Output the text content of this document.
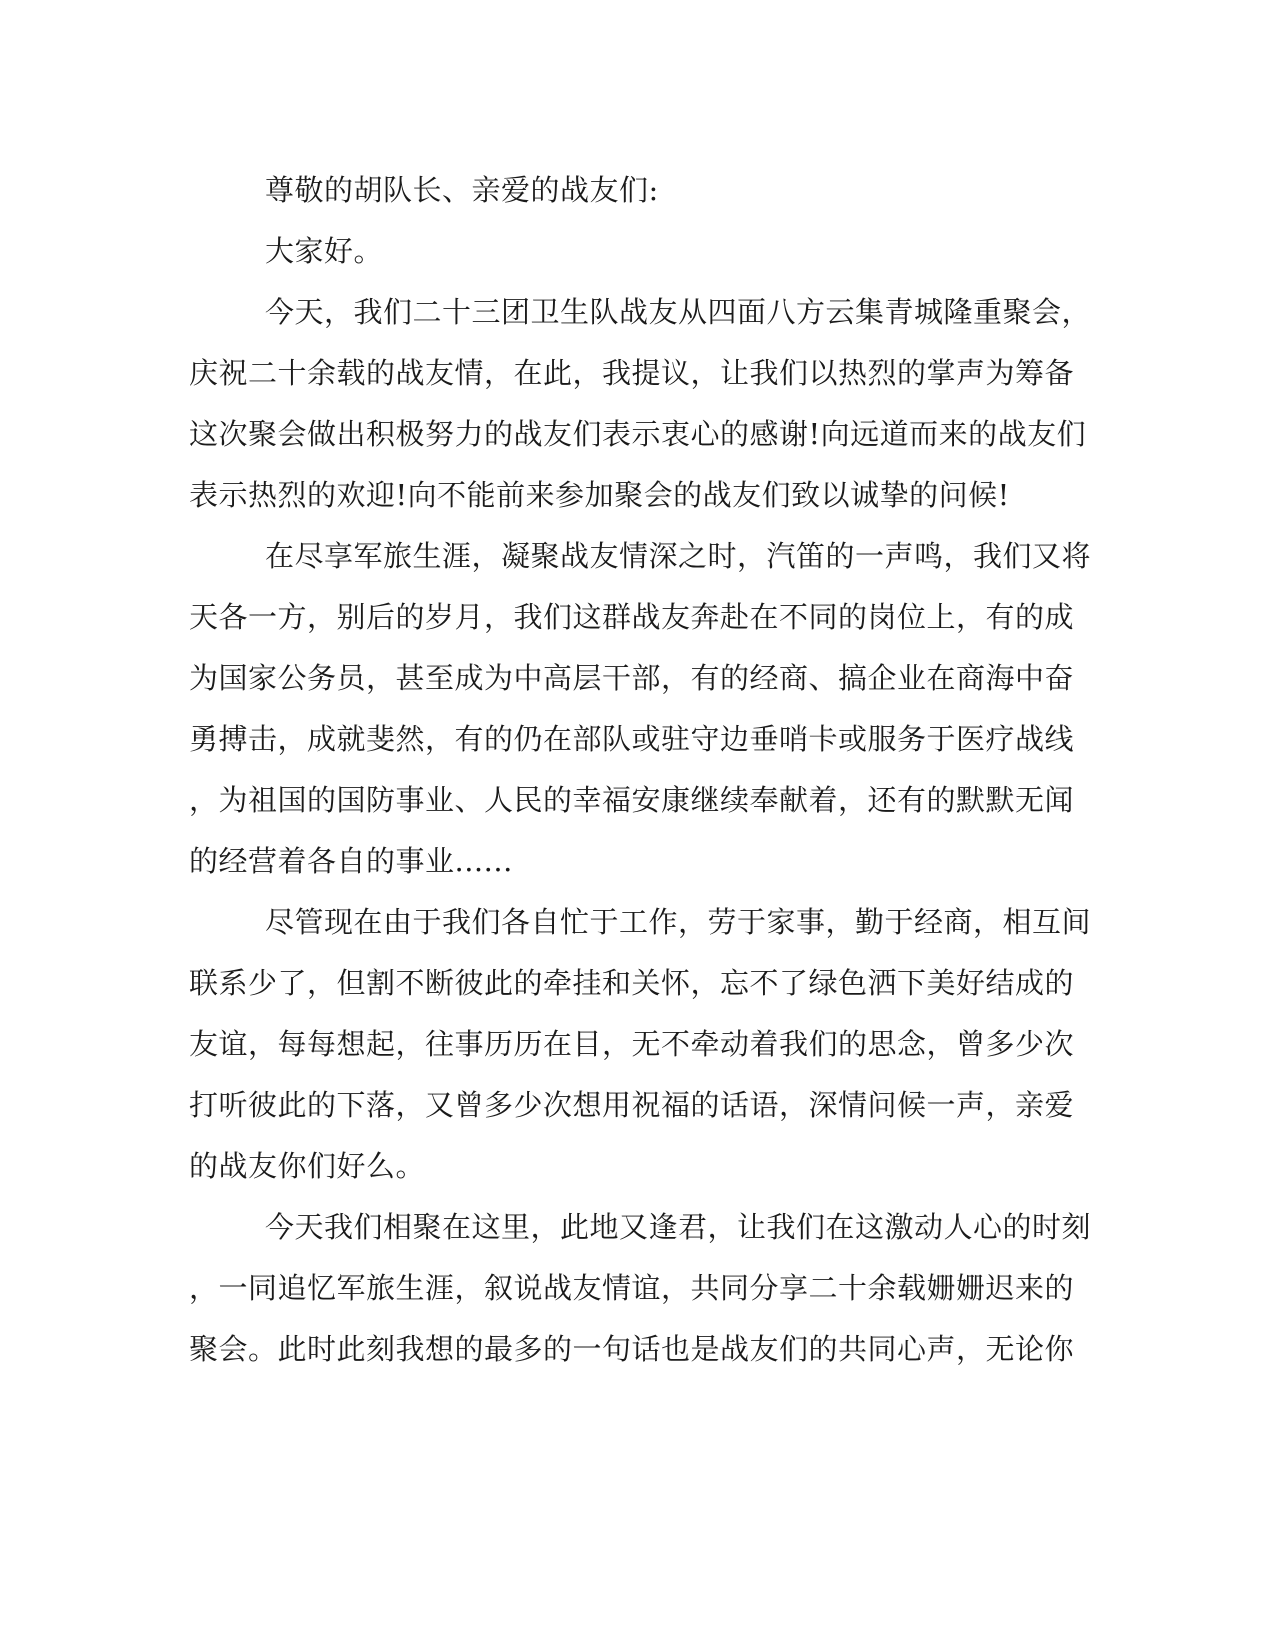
尊敬的胡队长、亲爱的战友们:
大家好。
今天，我们二十三团卫生队战友从四面八方云集青城隆重聚会，
庆祝二十余载的战友情，在此，我提议，让我们以热烈的掌声为筹备
这次聚会做出积极努力的战友们表示衷心的感谢!向远道而来的战友们
表示热烈的欢迎!向不能前来参加聚会的战友们致以诚挚的问候!
在尽享军旅生涯，凝聚战友情深之时，汽笛的一声鸣，我们又将
天各一方，别后的岁月，我们这群战友奔赴在不同的岗位上，有的成
为国家公务员，甚至成为中高层干部，有的经商、搞企业在商海中奋
勇搏击，成就斐然，有的仍在部队或驻守边垂哨卡或服务于医疗战线
，为祖国的国防事业、人民的幸福安康继续奉献着，还有的默默无闻
的经营着各自的事业......
尽管现在由于我们各自忙于工作，劳于家事，勤于经商，相互间
联系少了，但割不断彼此的牵挂和关怀，忘不了绿色洒下美好结成的
友谊，每每想起，往事历历在目，无不牵动着我们的思念，曾多少次
打听彼此的下落，又曾多少次想用祝福的话语，深情问候一声，亲爱
的战友你们好么。
今天我们相聚在这里，此地又逢君，让我们在这激动人心的时刻
，一同追忆军旅生涯，叙说战友情谊，共同分享二十余载姗姗迟来的
聚会。此时此刻我想的最多的一句话也是战友们的共同心声，无论你
